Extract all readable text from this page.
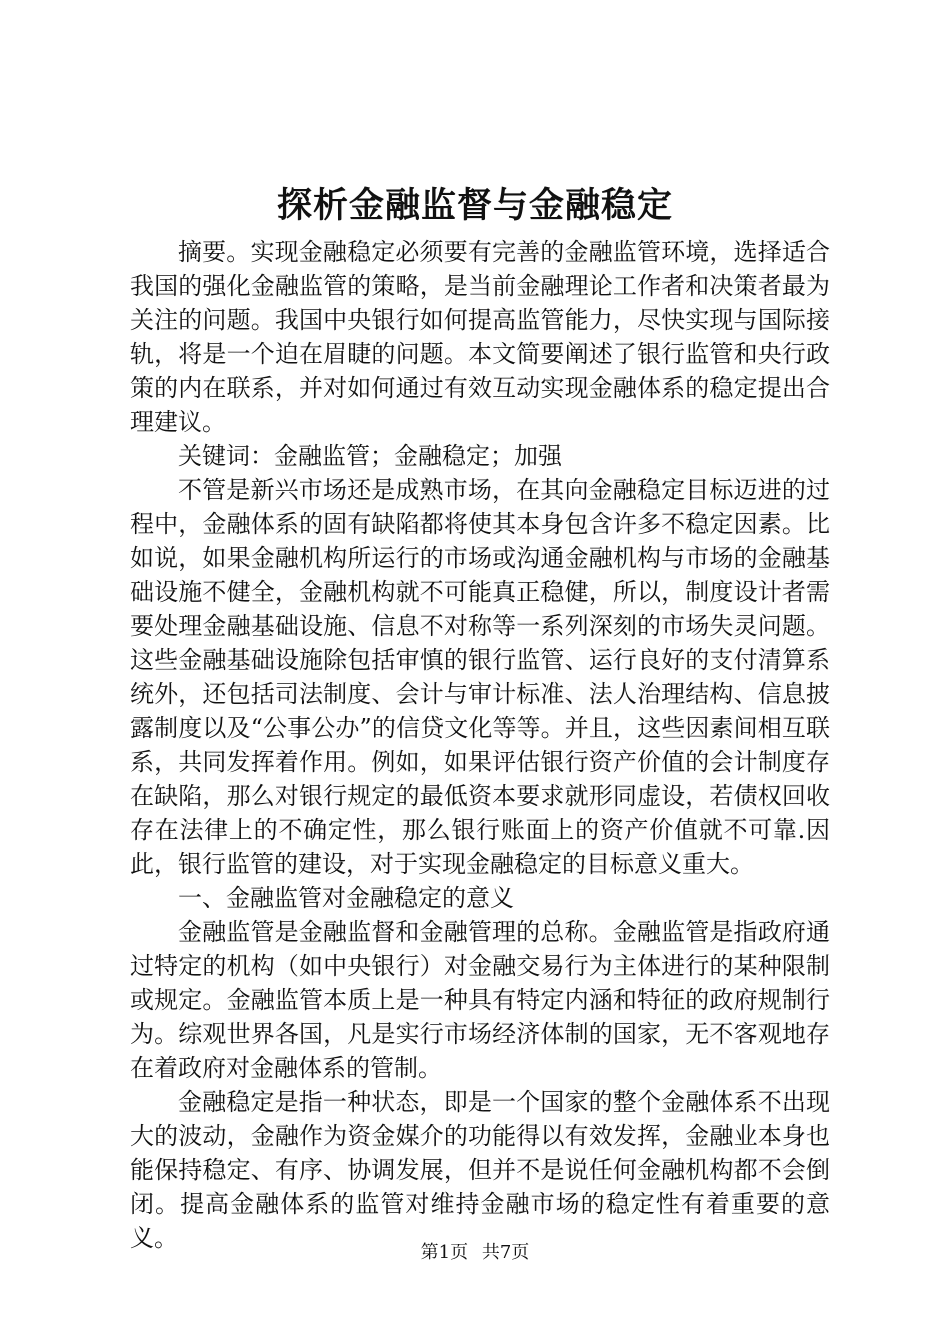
探析金融监督与金融稳定

摘要。实现金融稳定必须要有完善的金融监管环境，选择适合我国的强化金融监管的策略，是当前金融理论工作者和决策者最为关注的问题。我国中央银行如何提高监管能力，尽快实现与国际接轨，将是一个迫在眉睫的问题。本文简要阐述了银行监管和央行政策的内在联系，并对如何通过有效互动实现金融体系的稳定提出合理建议。

关键词：金融监管；金融稳定；加强

不管是新兴市场还是成熟市场，在其向金融稳定目标迈进的过程中，金融体系的固有缺陷都将使其本身包含许多不稳定因素。比如说，如果金融机构所运行的市场或沟通金融机构与市场的金融基础设施不健全，金融机构就不可能真正稳健，所以，制度设计者需要处理金融基础设施、信息不对称等一系列深刻的市场失灵问题。这些金融基础设施除包括审慎的银行监管、运行良好的支付清算系统外，还包括司法制度、会计与审计标准、法人治理结构、信息披露制度以及“公事公办”的信贷文化等等。并且，这些因素间相互联系，共同发挥着作用。例如，如果评估银行资产价值的会计制度存在缺陷，那么对银行规定的最低资本要求就形同虚设，若债权回收存在法律上的不确定性，那么银行账面上的资产价值就不可靠.因此，银行监管的建设，对于实现金融稳定的目标意义重大。

一、金融监管对金融稳定的意义

金融监管是金融监督和金融管理的总称。金融监管是指政府通过特定的机构（如中央银行）对金融交易行为主体进行的某种限制或规定。金融监管本质上是一种具有特定内涵和特征的政府规制行为。综观世界各国，凡是实行市场经济体制的国家，无不客观地存在着政府对金融体系的管制。

金融稳定是指一种状态，即是一个国家的整个金融体系不出现大的波动，金融作为资金媒介的功能得以有效发挥，金融业本身也能保持稳定、有序、协调发展，但并不是说任何金融机构都不会倒闭。提高金融体系的监管对维持金融市场的稳定性有着重要的意义。

第1页 共7页
